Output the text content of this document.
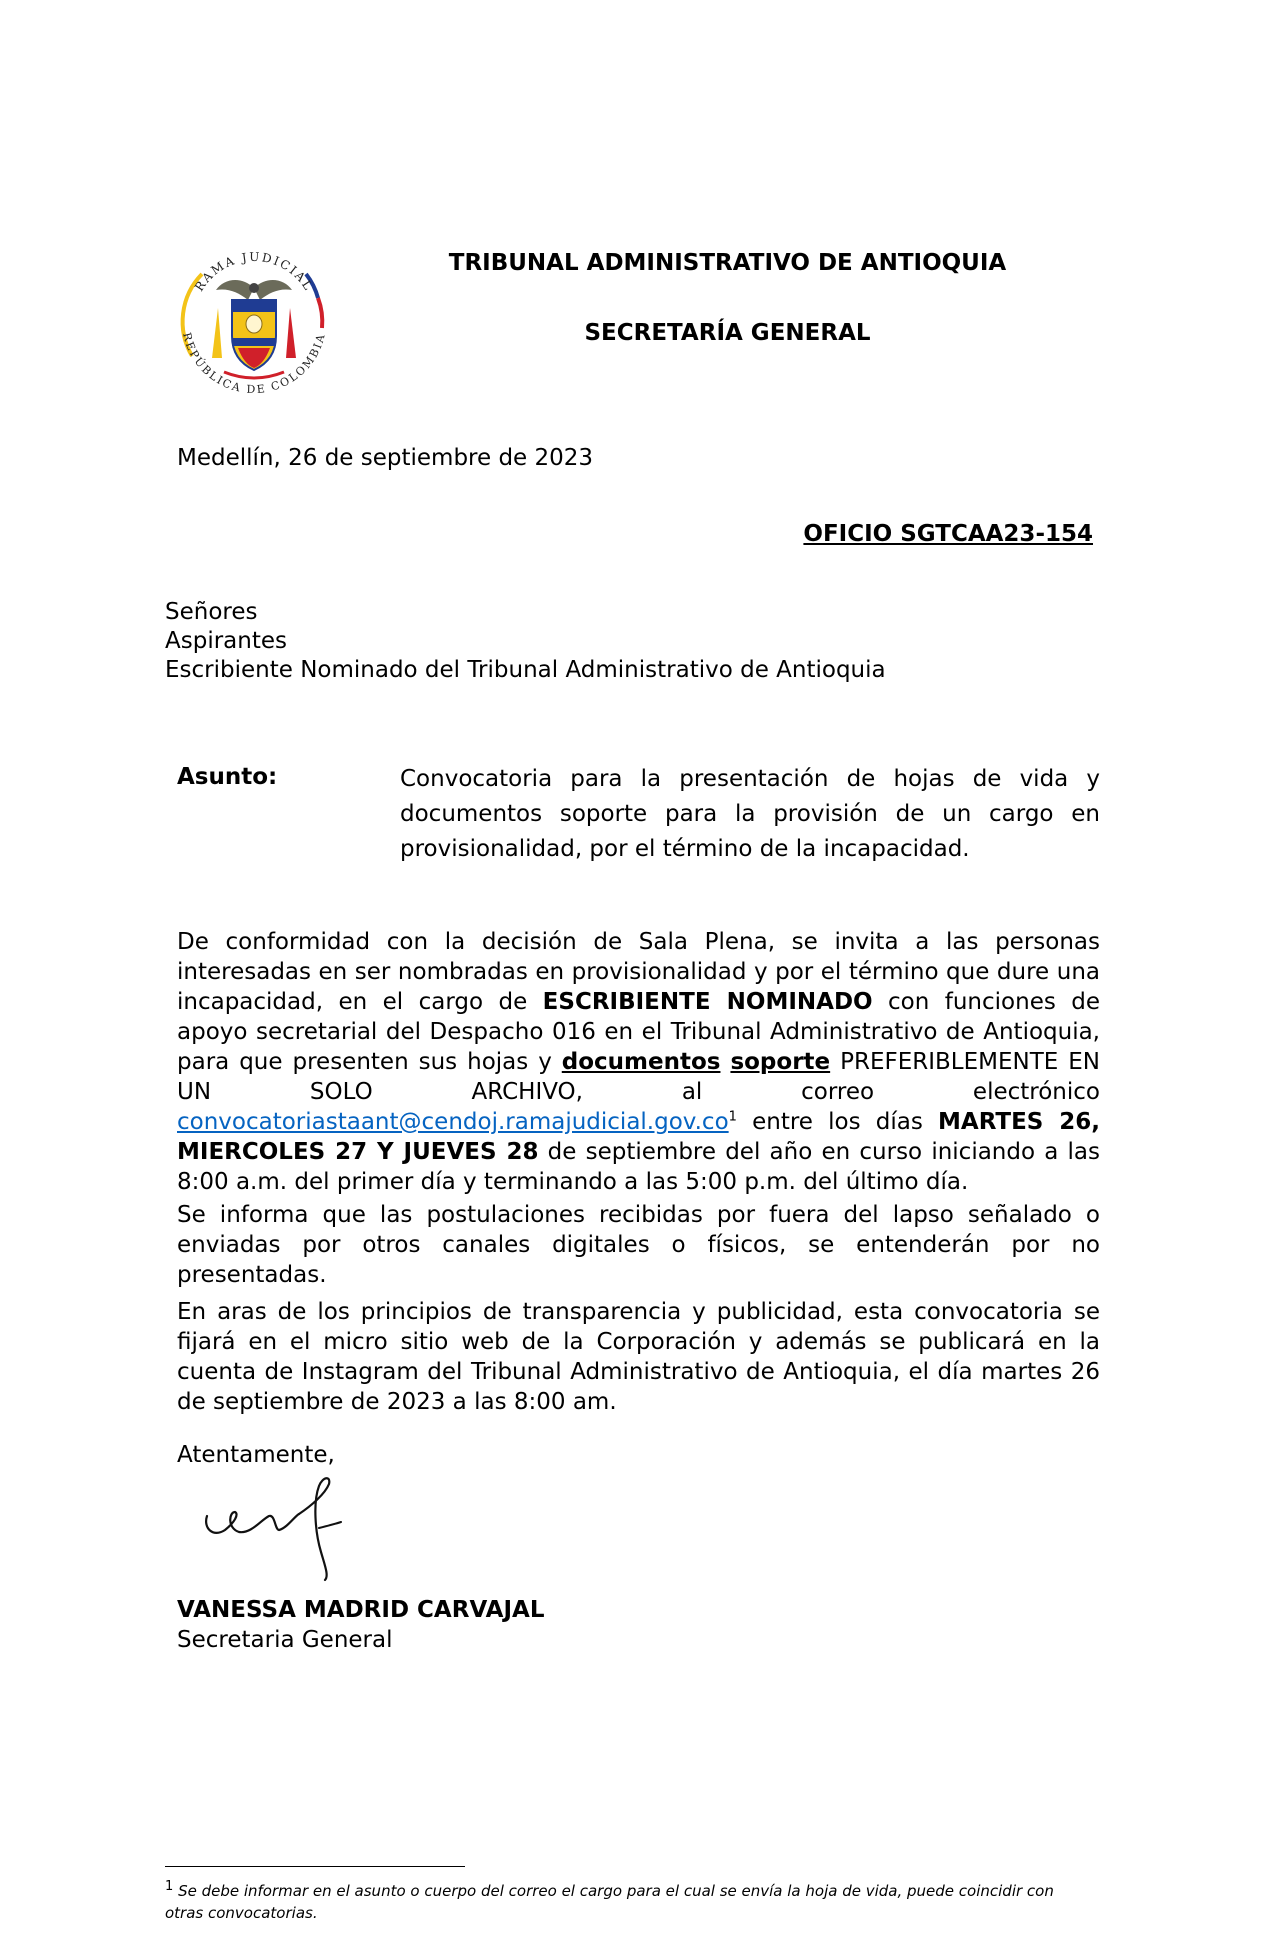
RAMA JUDICIAL
REPÚBLICA DE COLOMBIA
TRIBUNAL ADMINISTRATIVO DE ANTIOQUIA
SECRETARÍA GENERAL
Medellín, 26 de septiembre de 2023
OFICIO SGTCAA23-154
Señores
Aspirantes
Escribiente Nominado del Tribunal Administrativo de Antioquia
Asunto:	Convocatoria para la presentación de hojas de vida y documentos soporte para la provisión de un cargo en provisionalidad, por el término de la incapacidad.
De conformidad con la decisión de Sala Plena, se invita a las personas interesadas en ser nombradas en provisionalidad y por el término que dure una incapacidad, en el cargo de ESCRIBIENTE NOMINADO con funciones de apoyo secretarial del Despacho 016 en el Tribunal Administrativo de Antioquia, para que presenten sus hojas y documentos soporte PREFERIBLEMENTE EN UN SOLO ARCHIVO, al correo electrónico $convocatoriastaant@cendoj.ramajudicial.gov.co^1$ entre los días MARTES 26, MIERCOLES 27 Y JUEVES 28 de septiembre del año en curso iniciando a las 8:00 a.m. del primer día y terminando a las 5:00 p.m. del último día.
Se informa que las postulaciones recibidas por fuera del lapso señalado o enviadas por otros canales digitales o físicos, se entenderán por no presentadas.
En aras de los principios de transparencia y publicidad, esta convocatoria se fijará en el micro sitio web de la Corporación y además se publicará en la cuenta de Instagram del Tribunal Administrativo de Antioquia, el día martes 26 de septiembre de 2023 a las 8:00 am.
Atentamente,
VANESSA MADRID CARVAJAL
Secretaria General
$^1$ Se debe informar en el asunto o cuerpo del correo el cargo para el cual se envía la hoja de vida, puede coincidir con otras convocatorias.
